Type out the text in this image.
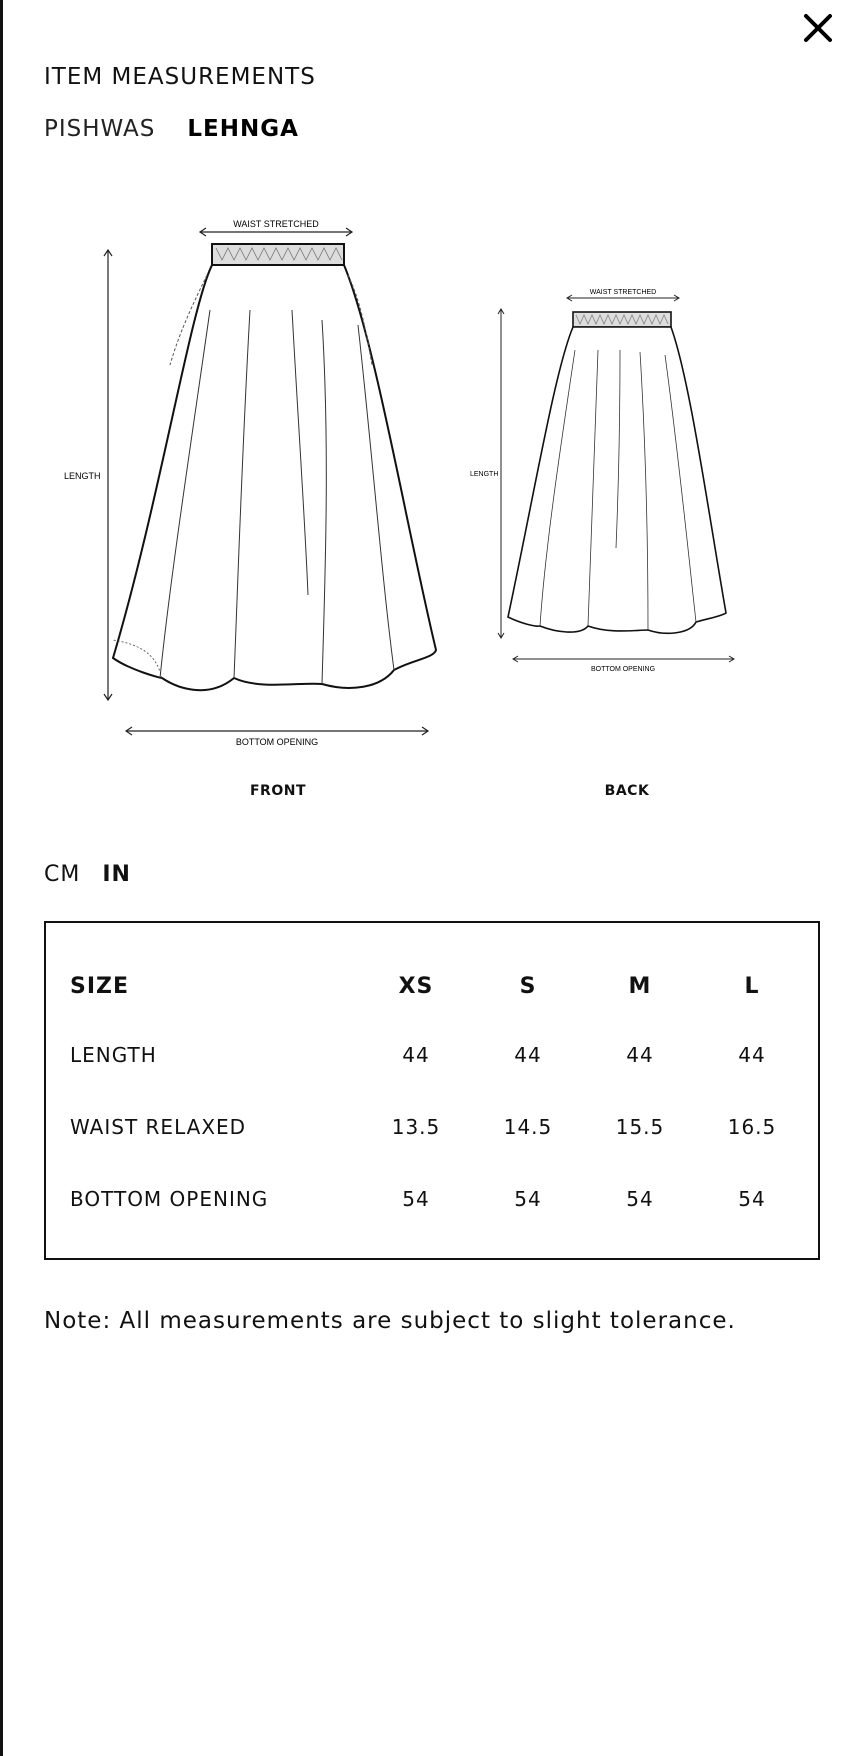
ITEM MEASUREMENTS
PISHWAS LEHNGA
WAIST STRETCHED
LENGTH
BOTTOM OPENING
FRONT
WAIST STRETCHED
LENGTH
BOTTOM OPENING
BACK
CM IN
SIZE	XS	S	M	L
LENGTH	44	44	44	44
WAIST RELAXED	13.5	14.5	15.5	16.5
BOTTOM OPENING	54	54	54	54
Note: All measurements are subject to slight tolerance.
